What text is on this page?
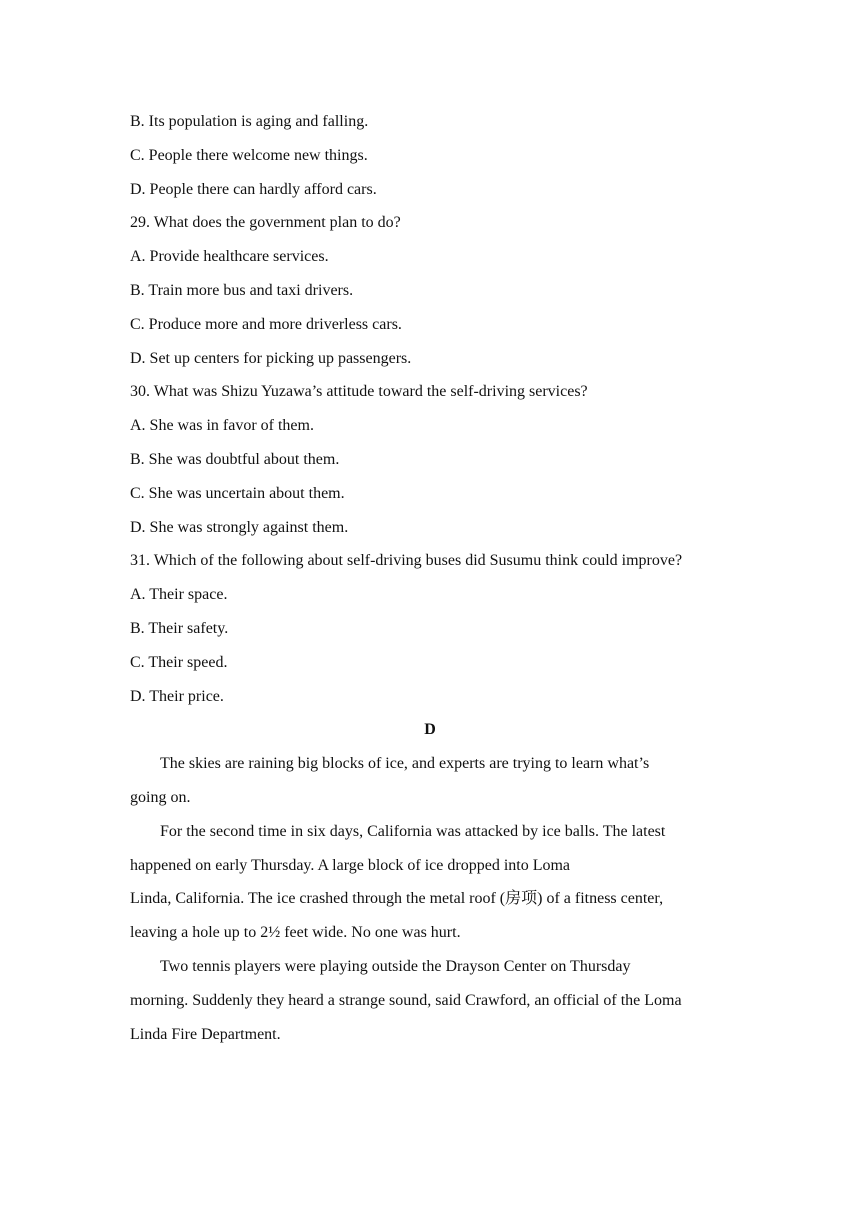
B. Its population is aging and falling.
C. People there welcome new things.
D. People there can hardly afford cars.
29. What does the government plan to do?
A. Provide healthcare services.
B. Train more bus and taxi drivers.
C. Produce more and more driverless cars.
D. Set up centers for picking up passengers.
30. What was Shizu Yuzawa’s attitude toward the self-driving services?
A. She was in favor of them.
B. She was doubtful about them.
C. She was uncertain about them.
D. She was strongly against them.
31. Which of the following about self-driving buses did Susumu think could improve?
A. Their space.
B. Their safety.
C. Their speed.
D. Their price.
D
The skies are raining big blocks of ice, and experts are trying to learn what’s
going on.
For the second time in six days, California was attacked by ice balls. The latest
happened on early Thursday. A large block of ice dropped into Loma
Linda, California. The ice crashed through the metal roof (房项) of a fitness center,
leaving a hole up to 2½ feet wide. No one was hurt.
Two tennis players were playing outside the Drayson Center on Thursday
morning. Suddenly they heard a strange sound, said Crawford, an official of the Loma
Linda Fire Department.
